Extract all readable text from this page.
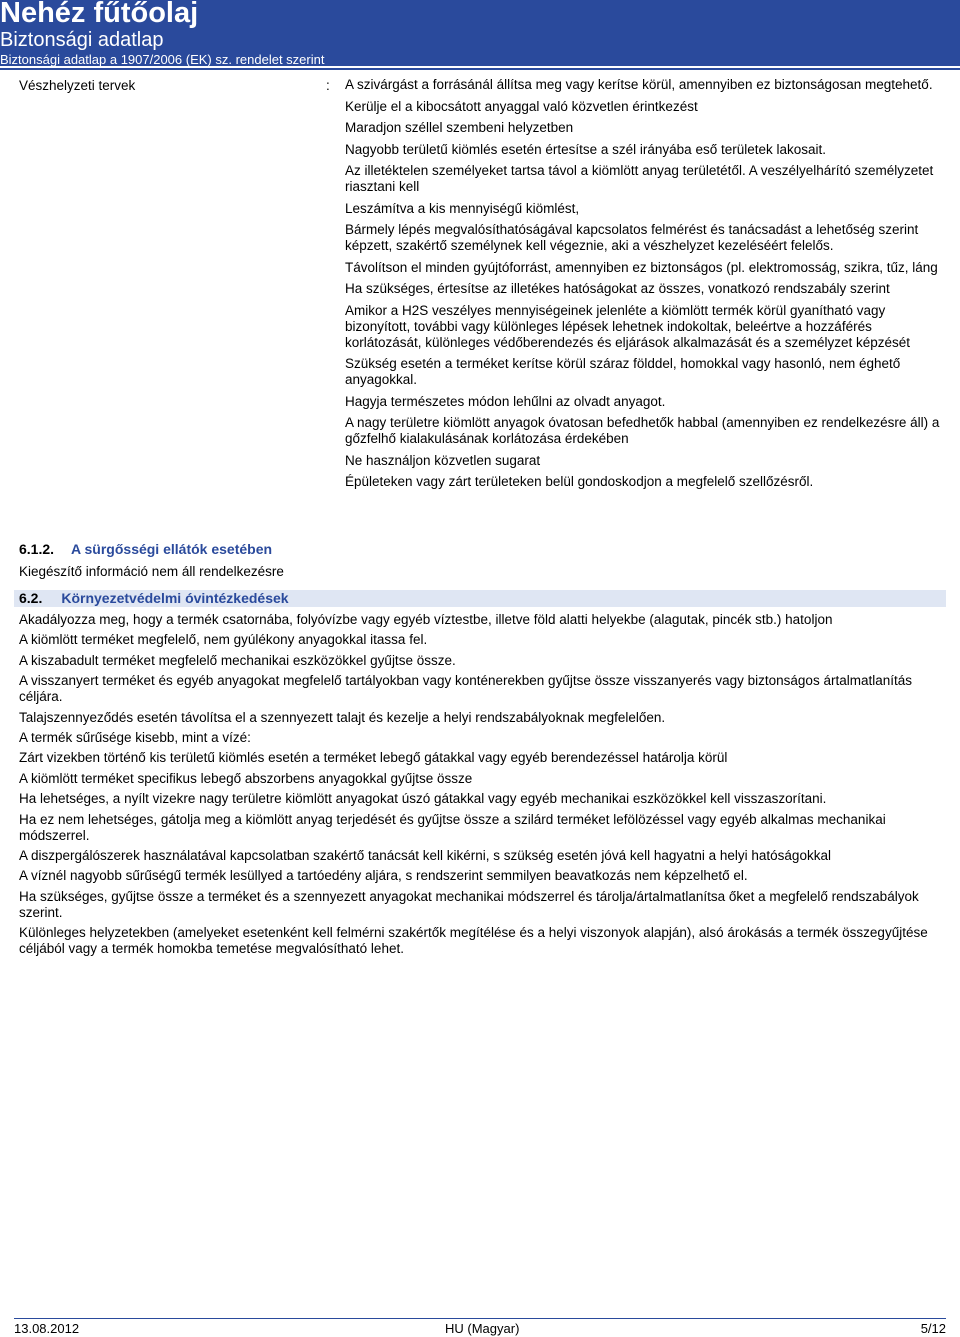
Nehéz fűtőolaj
Biztonsági adatlap
Biztonsági adatlap a 1907/2006 (EK) sz. rendelet szerint
Vészhelyzeti tervek	: A szivárgást a forrásánál állítsa meg vagy kerítse körül, amennyiben ez biztonságosan megtehető.
Kerülje el a kibocsátott anyaggal való közvetlen érintkezést
Maradjon széllel szembeni helyzetben
Nagyobb területű kiömlés esetén értesítse a szél irányába eső területek lakosait.
Az illetéktelen személyeket tartsa távol a kiömlött anyag területétől. A veszélyelhárító személyzetet riasztani kell
Leszámítva a kis mennyiségű kiömlést,
Bármely lépés megvalósíthatóságával kapcsolatos felmérést és tanácsadást a lehetőség szerint képzett, szakértő személynek kell végeznie, aki a vészhelyzet kezeléséért felelős.
Távolítson el minden gyújtóforrást, amennyiben ez biztonságos (pl. elektromosság, szikra, tűz, láng
Ha szükséges, értesítse az illetékes hatóságokat az összes, vonatkozó rendszabály szerint
Amikor a H2S veszélyes mennyiségeinek jelenléte a kiömlött termék körül gyanítható vagy bizonyított, további vagy különleges lépések lehetnek indokoltak, beleértve a hozzáférés korlátozását, különleges védőberendezés és eljárások alkalmazását és a személyzet képzését
Szükség esetén a terméket kerítse körül száraz földdel, homokkal vagy hasonló, nem éghető anyagokkal.
Hagyja természetes módon lehűlni az olvadt anyagot.
A nagy területre kiömlött anyagok óvatosan befedhetők habbal (amennyiben ez rendelkezésre áll) a gőzfelhő kialakulásának korlátozása érdekében
Ne használjon közvetlen sugarat
Épületeken vagy zárt területeken belül gondoskodjon a megfelelő szellőzésről.
6.1.2. A sürgősségi ellátók esetében
Kiegészítő információ nem áll rendelkezésre
6.2. Környezetvédelmi óvintézkedések
Akadályozza meg, hogy a termék csatornába, folyóvízbe vagy egyéb víztestbe, illetve föld alatti helyekbe (alagutak, pincék stb.) hatoljon
A kiömlött terméket megfelelő, nem gyúlékony anyagokkal itassa fel.
A kiszabadult terméket megfelelő mechanikai eszközökkel gyűjtse össze.
A visszanyert terméket és egyéb anyagokat megfelelő tartályokban vagy konténerekben gyűjtse össze visszanyerés vagy biztonságos ártalmatlanítás céljára.
Talajszennyeződés esetén távolítsa el a szennyezett talajt és kezelje a helyi rendszabályoknak megfelelően.
A termék sűrűsége kisebb, mint a vízé:
Zárt vizekben történő kis területű kiömlés esetén a terméket lebegő gátakkal vagy egyéb berendezéssel határolja körül
A kiömlött terméket specifikus lebegő abszorbens anyagokkal gyűjtse össze
Ha lehetséges, a nyílt vizekre nagy területre kiömlött anyagokat úszó gátakkal vagy egyéb mechanikai eszközökkel kell visszaszorítani.
Ha ez nem lehetséges, gátolja meg a kiömlött anyag terjedését és gyűjtse össze a szilárd terméket lefölözéssel vagy egyéb alkalmas mechanikai módszerrel.
A diszpergálószerek használatával kapcsolatban szakértő tanácsát kell kikérni, s szükség esetén jóvá kell hagyatni a helyi hatóságokkal
A víznél nagyobb sűrűségű termék lesüllyed a tartóedény aljára, s rendszerint semmilyen beavatkozás nem képzelhető el.
Ha szükséges, gyűjtse össze a terméket és a szennyezett anyagokat mechanikai módszerrel és tárolja/ártalmatlanítsa őket a megfelelő rendszabályok szerint.
Különleges helyzetekben (amelyeket esetenként kell felmérni szakértők megítélése és a helyi viszonyok alapján), alsó árokásás a termék összegyűjtése céljából vagy a termék homokba temetése megvalósítható lehet.
13.08.2012	HU (Magyar)	5/12
